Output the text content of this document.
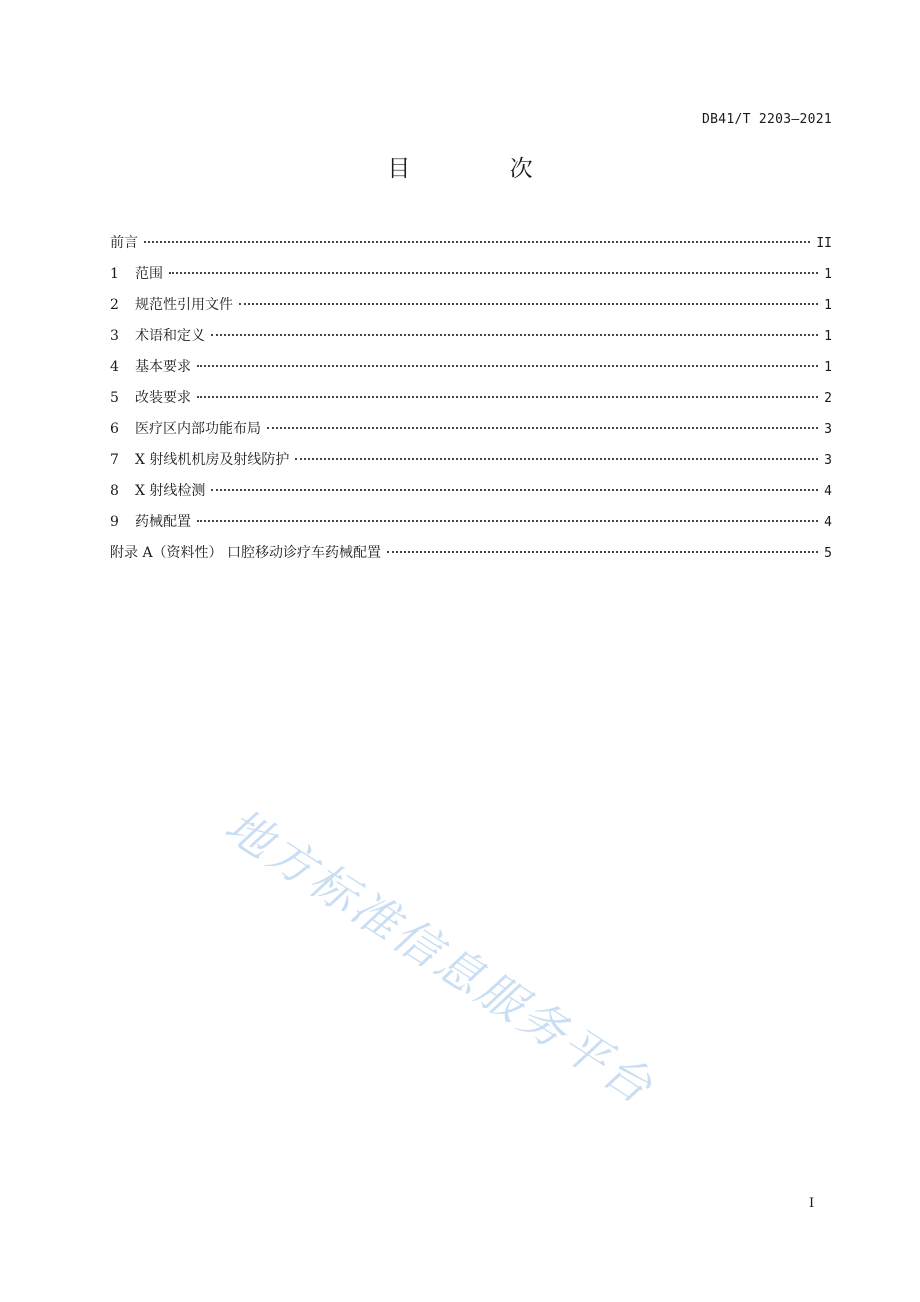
DB41/T 2203—2021
目 次
前言	II
1	范围	1
2	规范性引用文件	1
3	术语和定义	1
4	基本要求	1
5	改装要求	2
6	医疗区内部功能布局	3
7	X 射线机机房及射线防护	3
8	X 射线检测	4
9	药械配置	4
附录 A（资料性） 口腔移动诊疗车药械配置	5
地方标准信息服务平台
I
